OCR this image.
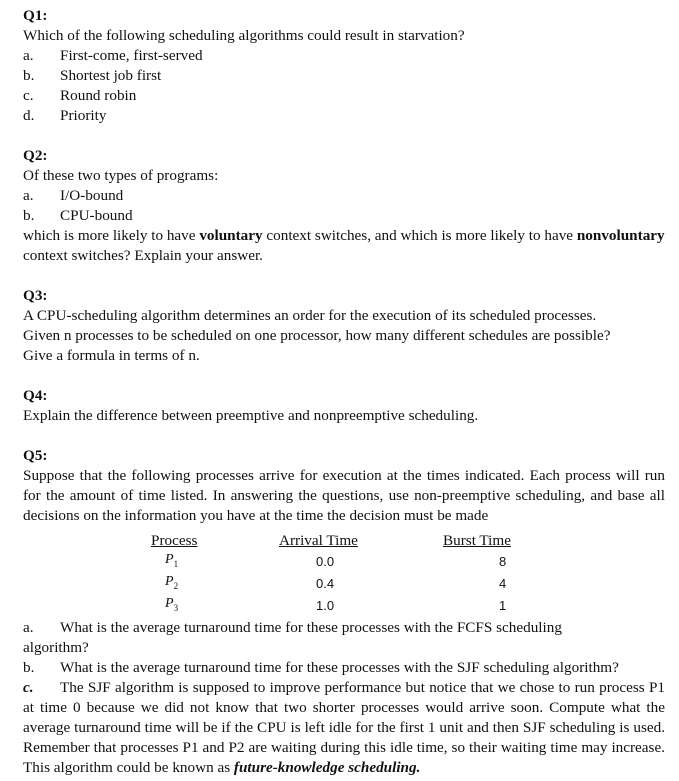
Q1:
Which of the following scheduling algorithms could result in starvation?
a.	First-come, first-served
b.	Shortest job first
c.	Round robin
d.	Priority
Q2:
Of these two types of programs:
a.	I/O-bound
b.	CPU-bound
which is more likely to have voluntary context switches, and which is more likely to have nonvoluntary context switches? Explain your answer.
Q3:
A CPU-scheduling algorithm determines an order for the execution of its scheduled processes.
Given n processes to be scheduled on one processor, how many different schedules are possible?
Give a formula in terms of n.
Q4:
Explain the difference between preemptive and nonpreemptive scheduling.
Q5:
Suppose that the following processes arrive for execution at the times indicated. Each process will run for the amount of time listed. In answering the questions, use non-preemptive scheduling, and base all decisions on the information you have at the time the decision must be made
Process	Arrival Time	Burst Time
$P_1$	0.0	8
$P_2$	0.4	4
$P_3$	1.0	1
a. What is the average turnaround time for these processes with the FCFS scheduling
algorithm?
b. What is the average turnaround time for these processes with the SJF scheduling algorithm?
c. The SJF algorithm is supposed to improve performance but notice that we chose to run process P1 at time 0 because we did not know that two shorter processes would arrive soon. Compute what the average turnaround time will be if the CPU is left idle for the first 1 unit and then SJF scheduling is used. Remember that processes P1 and P2 are waiting during this idle time, so their waiting time may increase. This algorithm could be known as future-knowledge scheduling.
